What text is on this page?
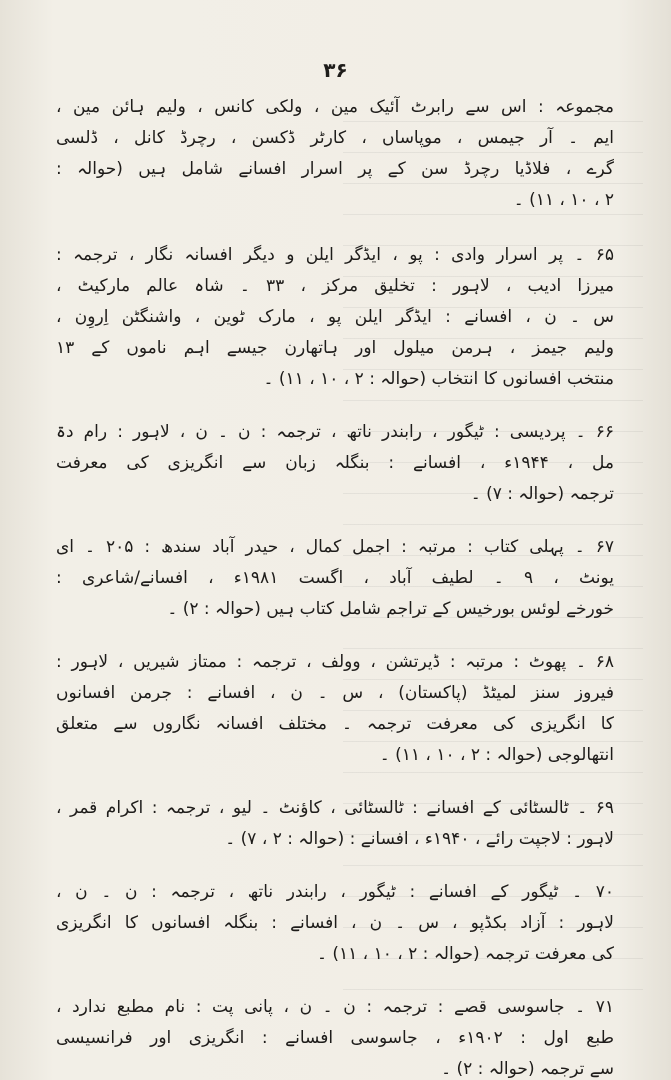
۳۶
مجموعہ : اس سے رابرٹ آئیک مین ، ولکی کانس ، ولیم ہائن مین ،
ایم ۔ آر جیمس ، موپاساں ، کارٹر ڈکسن ، رچرڈ کانل ، ڈلسی
گرے ، فلاڈیا رچرڈ سن کے پر اسرار افسانے شامل ہیں (حوالہ :
۲ ، ۱۰ ، ۱۱) ۔
۶۵ ۔ پر اسرار وادی : پو ، ایڈگر ایلن و دیگر افسانہ نگار ، ترجمہ :
میرزا ادیب ، لاہور : تخلیق مرکز ، ۳۳ ۔ شاہ عالم مارکیٹ ،
س ۔ ن ، افسانے : ایڈگر ایلن پو ، مارک ٹوین ، واشنگٹن اِروِن ،
ولیم جیمز ، ہرمن میلول اور ہاتھارن جیسے اہم ناموں کے ۱۳
منتخب افسانوں کا انتخاب (حوالہ : ۲ ، ۱۰ ، ۱۱) ۔
۶۶ ۔ پردیسی : ٹیگور ، رابندر ناتھ ، ترجمہ : ن ۔ ن ، لاہور : رام دۃ
مل ، ۱۹۴۴ء ، افسانے : بنگلہ زبان سے انگریزی کی معرفت
ترجمہ (حوالہ : ۷) ۔
۶۷ ۔ پہلی کتاب : مرتبہ : اجمل کمال ، حیدر آباد سندھ : ۲۰۵ ۔ ای
یونٹ ، ۹ ۔ لطیف آباد ، اگست ۱۹۸۱ء ، افسانے/شاعری :
خورخے لوئس بورخیس کے تراجم شامل کتاب ہیں (حوالہ : ۲) ۔
۶۸ ۔ پھوٹ : مرتبہ : ڈیرتشن ، وولف ، ترجمہ : ممتاز شیریں ، لاہور :
فیروز سنز لمیٹڈ (پاکستان) ، س ۔ ن ، افسانے : جرمن افسانوں
کا انگریزی کی معرفت ترجمہ ۔ مختلف افسانہ نگاروں سے متعلق
انتھالوجی (حوالہ : ۲ ، ۱۰ ، ۱۱) ۔
۶۹ ۔ ٹالسٹائی کے افسانے : ٹالسٹائی ، کاؤنٹ ۔ لیو ، ترجمہ : اکرام قمر ،
لاہور : لاجپت رائے ، ۱۹۴۰ء ، افسانے : (حوالہ : ۲ ، ۷) ۔
۷۰ ۔ ٹیگور کے افسانے : ٹیگور ، رابندر ناتھ ، ترجمہ : ن ۔ ن ،
لاہور : آزاد بکڈپو ، س ۔ ن ، افسانے : بنگلہ افسانوں کا انگریزی
کی معرفت ترجمہ (حوالہ : ۲ ، ۱۰ ، ۱۱) ۔
۷۱ ۔ جاسوسی قصے : ترجمہ : ن ۔ ن ، پانی پت : نام مطبع ندارد ،
طبع اول : ۱۹۰۲ء ، جاسوسی افسانے : انگریزی اور فرانسیسی
سے ترجمہ (حوالہ : ۲) ۔
